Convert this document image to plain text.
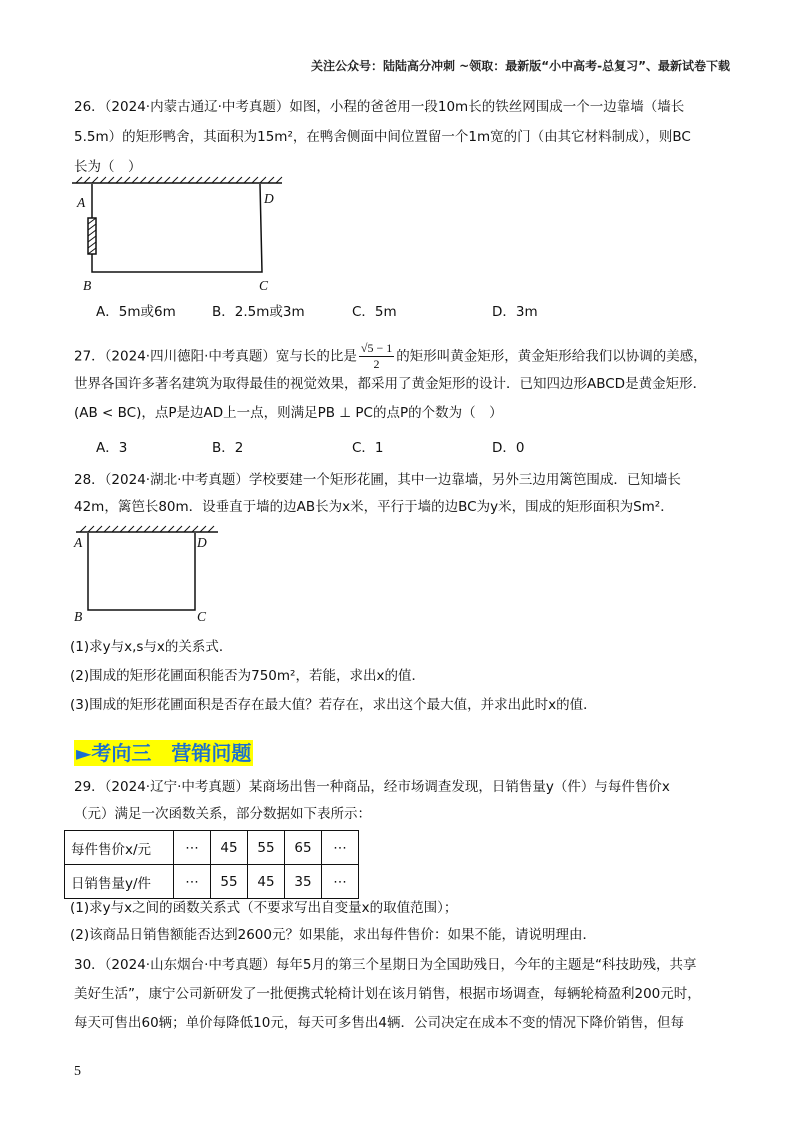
关注公众号：陆陆高分冲刺 ~领取：最新版“小中高考-总复习”、最新试卷下载
26．（2024·内蒙古通辽·中考真题）如图，小程的爸爸用一段10m长的铁丝网围成一个一边靠墙（墙长
5.5m）的矩形鸭舍，其面积为15m²，在鸭舍侧面中间位置留一个1m宽的门（由其它材料制成），则BC
长为（　）
A	D
B	C
A．5m或6m	B．2.5m或3m	C．5m	D．3m
27．（2024·四川德阳·中考真题）宽与长的比是 $\frac{√5 - 1}{2}$ 的矩形叫黄金矩形，黄金矩形给我们以协调的美感，
世界各国许多著名建筑为取得最佳的视觉效果，都采用了黄金矩形的设计．已知四边形ABCD是黄金矩形．
(AB < BC)，点P是边AD上一点，则满足PB ⊥ PC的点P的个数为（　）
A．3	B．2	C．1	D．0
28．（2024·湖北·中考真题）学校要建一个矩形花圃，其中一边靠墙，另外三边用篱笆围成．已知墙长
42m，篱笆长80m．设垂直于墙的边AB长为x米，平行于墙的边BC为y米，围成的矩形面积为Sm²．
A	D
B	C
(1)求y与x,s与x的关系式．
(2)围成的矩形花圃面积能否为750m²，若能，求出x的值．
(3)围成的矩形花圃面积是否存在最大值？若存在，求出这个最大值，并求出此时x的值．
►考向三　营销问题
29．（2024·辽宁·中考真题）某商场出售一种商品，经市场调查发现，日销售量y（件）与每件售价x
（元）满足一次函数关系，部分数据如下表所示：
每件售价x/元	⋯	45	55	65	⋯
日销售量y/件	⋯	55	45	35	⋯
(1)求y与x之间的函数关系式（不要求写出自变量x的取值范围）；
(2)该商品日销售额能否达到2600元？如果能，求出每件售价：如果不能，请说明理由．
30．（2024·山东烟台·中考真题）每年5月的第三个星期日为全国助残日，今年的主题是“科技助残，共享
美好生活”，康宁公司新研发了一批便携式轮椅计划在该月销售，根据市场调查，每辆轮椅盈利200元时，
每天可售出60辆；单价每降低10元，每天可多售出4辆．公司决定在成本不变的情况下降价销售，但每
5
